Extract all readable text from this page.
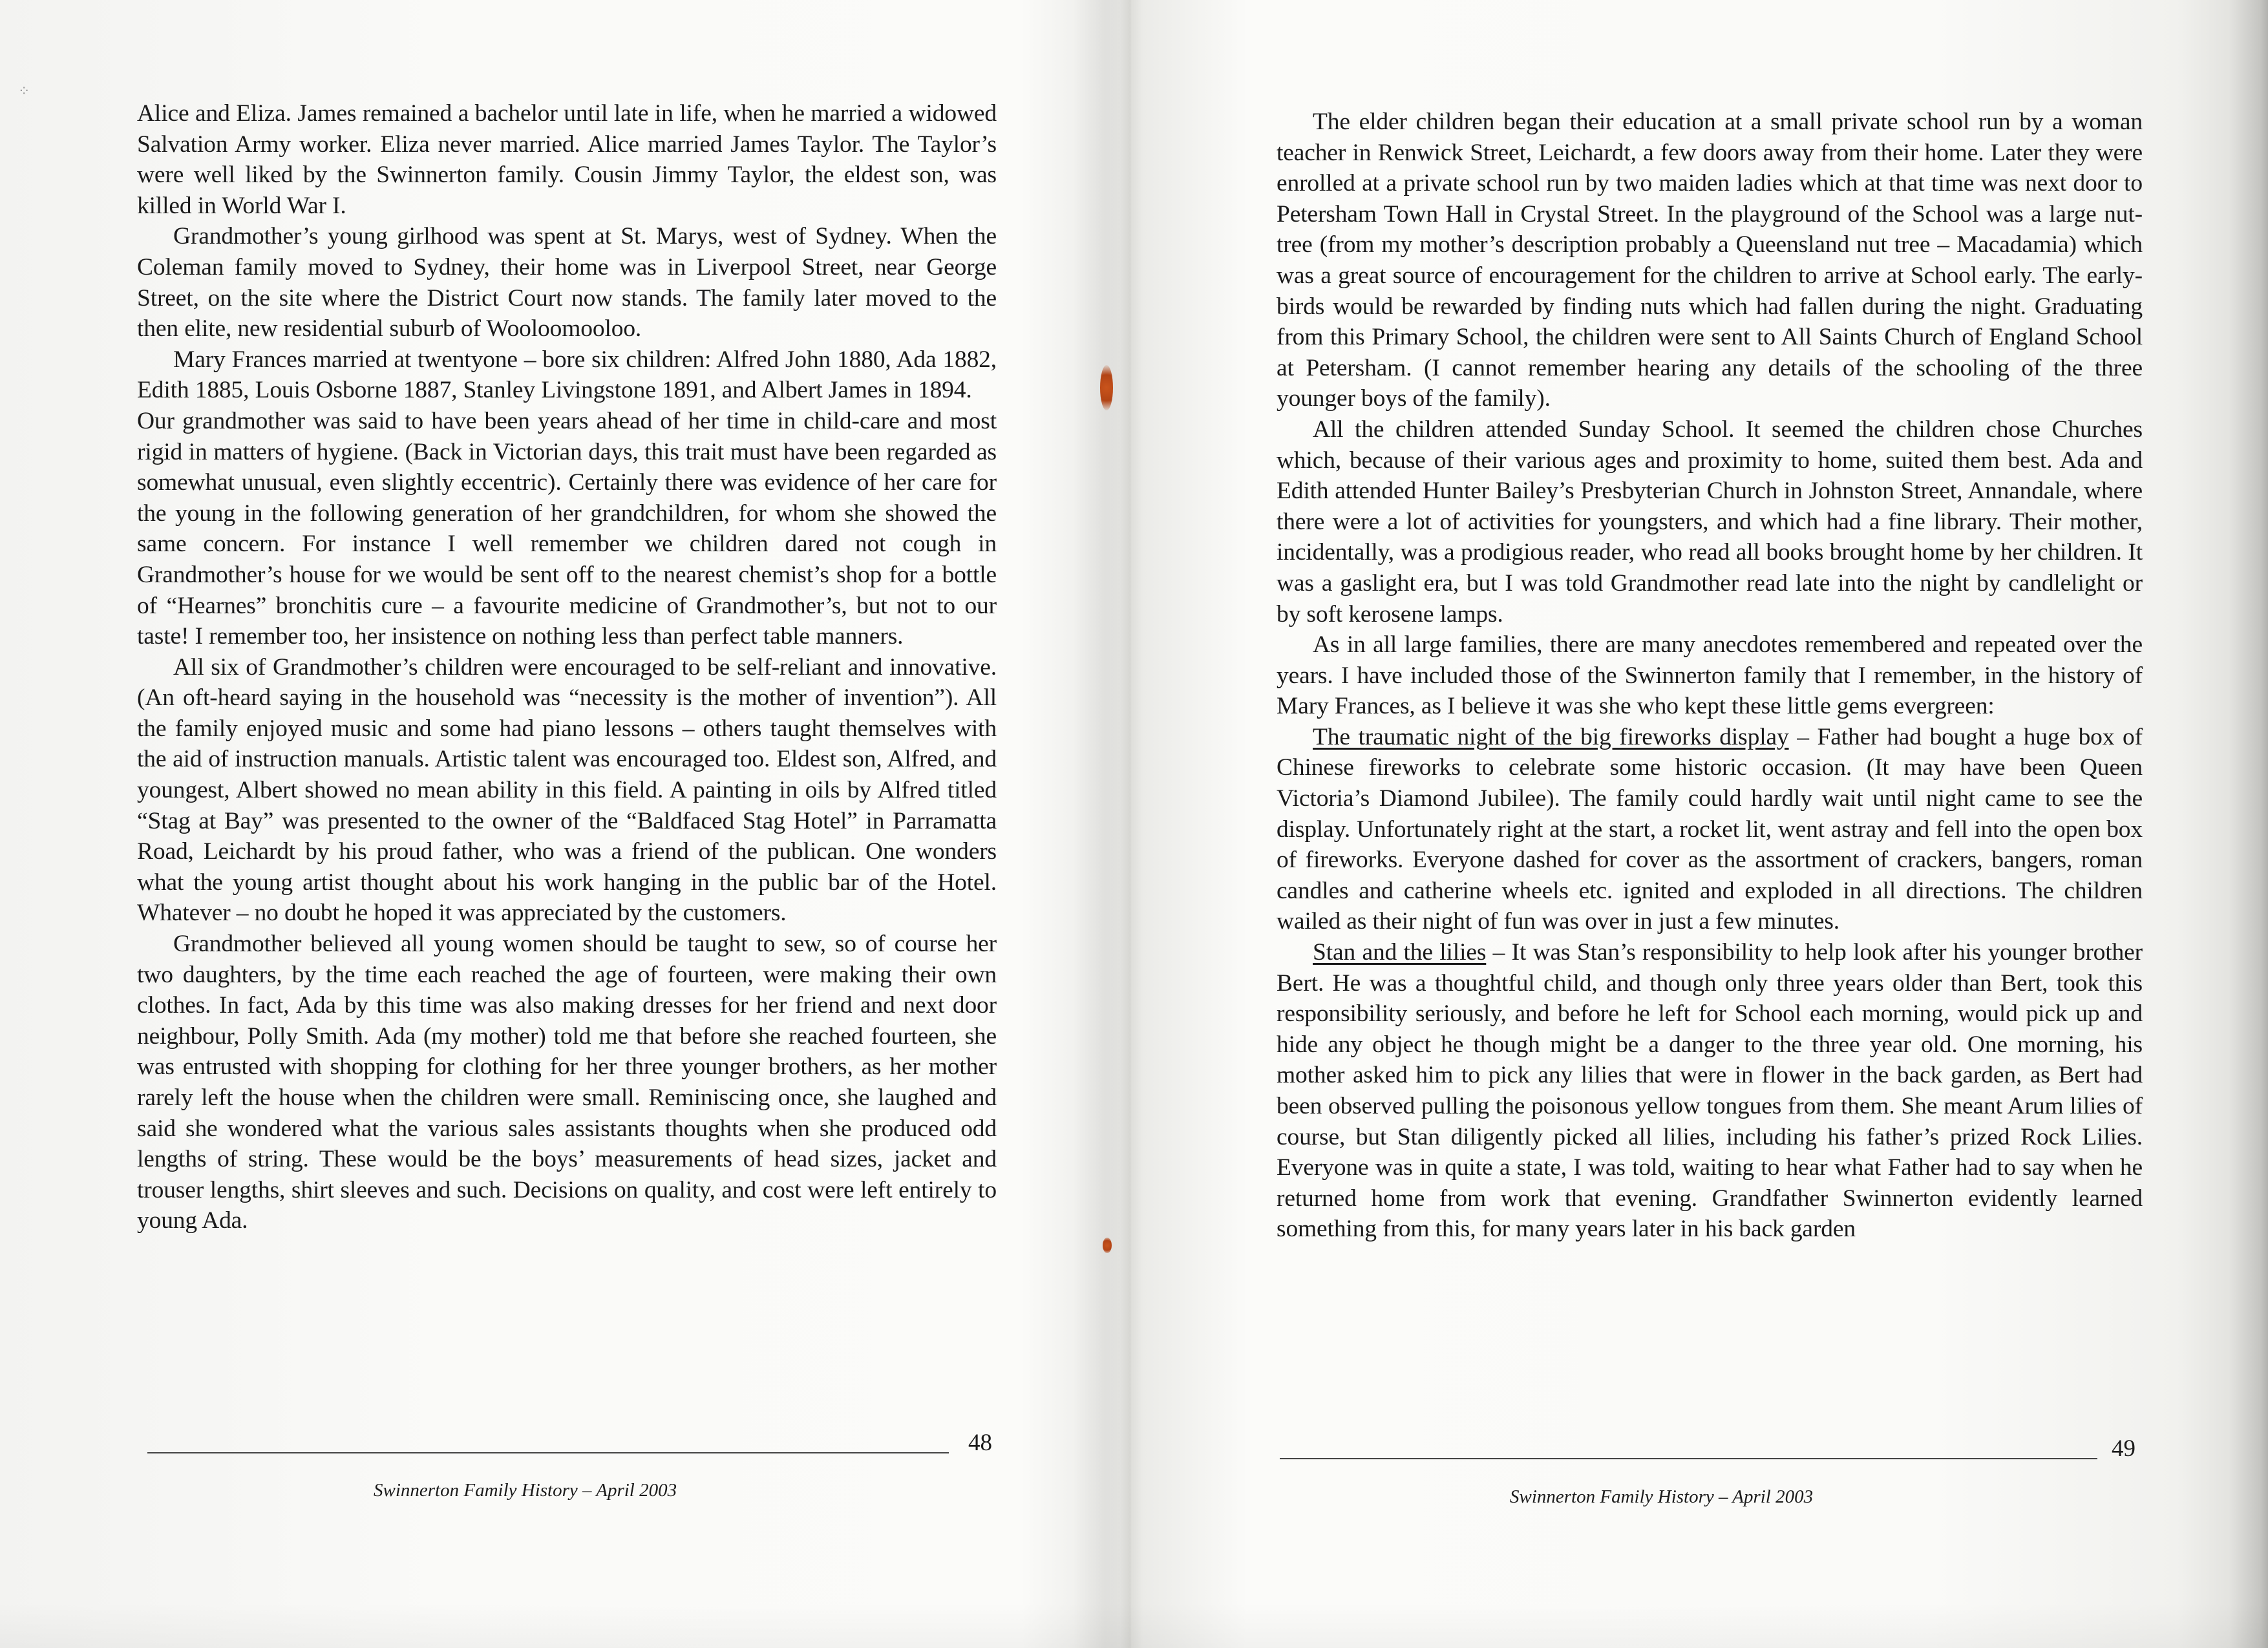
⁘

Alice and Eliza. James remained a bachelor until late in life, when he married a widowed Salvation Army worker. Eliza never married. Alice married James Taylor. The Taylor’s were well liked by the Swinnerton family. Cousin Jimmy Taylor, the eldest son, was killed in World War I.

Grandmother’s young girlhood was spent at St. Marys, west of Sydney. When the Coleman family moved to Sydney, their home was in Liverpool Street, near George Street, on the site where the District Court now stands. The family later moved to the then elite, new residential suburb of Wooloomooloo.

Mary Frances married at twentyone – bore six children: Alfred John 1880, Ada 1882, Edith 1885, Louis Osborne 1887, Stanley Livingstone 1891, and Albert James in 1894.

Our grandmother was said to have been years ahead of her time in child-care and most rigid in matters of hygiene. (Back in Victorian days, this trait must have been regarded as somewhat unusual, even slightly eccentric). Certainly there was evidence of her care for the young in the following generation of her grandchildren, for whom she showed the same concern. For instance I well remember we children dared not cough in Grandmother’s house for we would be sent off to the nearest chemist’s shop for a bottle of “Hearnes” bronchitis cure – a favourite medicine of Grandmother’s, but not to our taste! I remember too, her insistence on nothing less than perfect table manners.

All six of Grandmother’s children were encouraged to be self-reliant and innovative. (An oft-heard saying in the household was “necessity is the mother of invention”). All the family enjoyed music and some had piano lessons – others taught themselves with the aid of instruction manuals. Artistic talent was encouraged too. Eldest son, Alfred, and youngest, Albert showed no mean ability in this field. A painting in oils by Alfred titled “Stag at Bay” was presented to the owner of the “Baldfaced Stag Hotel” in Parramatta Road, Leichardt by his proud father, who was a friend of the publican. One wonders what the young artist thought about his work hanging in the public bar of the Hotel. Whatever – no doubt he hoped it was appreciated by the customers.

Grandmother believed all young women should be taught to sew, so of course her two daughters, by the time each reached the age of fourteen, were making their own clothes. In fact, Ada by this time was also making dresses for her friend and next door neighbour, Polly Smith. Ada (my mother) told me that before she reached fourteen, she was entrusted with shopping for clothing for her three younger brothers, as her mother rarely left the house when the children were small. Reminiscing once, she laughed and said she wondered what the various sales assistants thoughts when she produced odd lengths of string. These would be the boys’ measurements of head sizes, jacket and trouser lengths, shirt sleeves and such. Decisions on quality, and cost were left entirely to young Ada.

48
Swinnerton Family History – April 2003

The elder children began their education at a small private school run by a woman teacher in Renwick Street, Leichardt, a few doors away from their home. Later they were enrolled at a private school run by two maiden ladies which at that time was next door to Petersham Town Hall in Crystal Street. In the playground of the School was a large nut-tree (from my mother’s description probably a Queensland nut tree – Macadamia) which was a great source of encouragement for the children to arrive at School early. The early-birds would be rewarded by finding nuts which had fallen during the night. Graduating from this Primary School, the children were sent to All Saints Church of England School at Petersham. (I cannot remember hearing any details of the schooling of the three younger boys of the family).

All the children attended Sunday School. It seemed the children chose Churches which, because of their various ages and proximity to home, suited them best. Ada and Edith attended Hunter Bailey’s Presbyterian Church in Johnston Street, Annandale, where there were a lot of activities for youngsters, and which had a fine library. Their mother, incidentally, was a prodigious reader, who read all books brought home by her children. It was a gaslight era, but I was told Grandmother read late into the night by candlelight or by soft kerosene lamps.

As in all large families, there are many anecdotes remembered and repeated over the years. I have included those of the Swinnerton family that I remember, in the history of Mary Frances, as I believe it was she who kept these little gems evergreen:

The traumatic night of the big fireworks display – Father had bought a huge box of Chinese fireworks to celebrate some historic occasion. (It may have been Queen Victoria’s Diamond Jubilee). The family could hardly wait until night came to see the display. Unfortunately right at the start, a rocket lit, went astray and fell into the open box of fireworks. Everyone dashed for cover as the assortment of crackers, bangers, roman candles and catherine wheels etc. ignited and exploded in all directions. The children wailed as their night of fun was over in just a few minutes.

Stan and the lilies – It was Stan’s responsibility to help look after his younger brother Bert. He was a thoughtful child, and though only three years older than Bert, took this responsibility seriously, and before he left for School each morning, would pick up and hide any object he though might be a danger to the three year old. One morning, his mother asked him to pick any lilies that were in flower in the back garden, as Bert had been observed pulling the poisonous yellow tongues from them. She meant Arum lilies of course, but Stan diligently picked all lilies, including his father’s prized Rock Lilies. Everyone was in quite a state, I was told, waiting to hear what Father had to say when he returned home from work that evening. Grandfather Swinnerton evidently learned something from this, for many years later in his back garden

49
Swinnerton Family History – April 2003
